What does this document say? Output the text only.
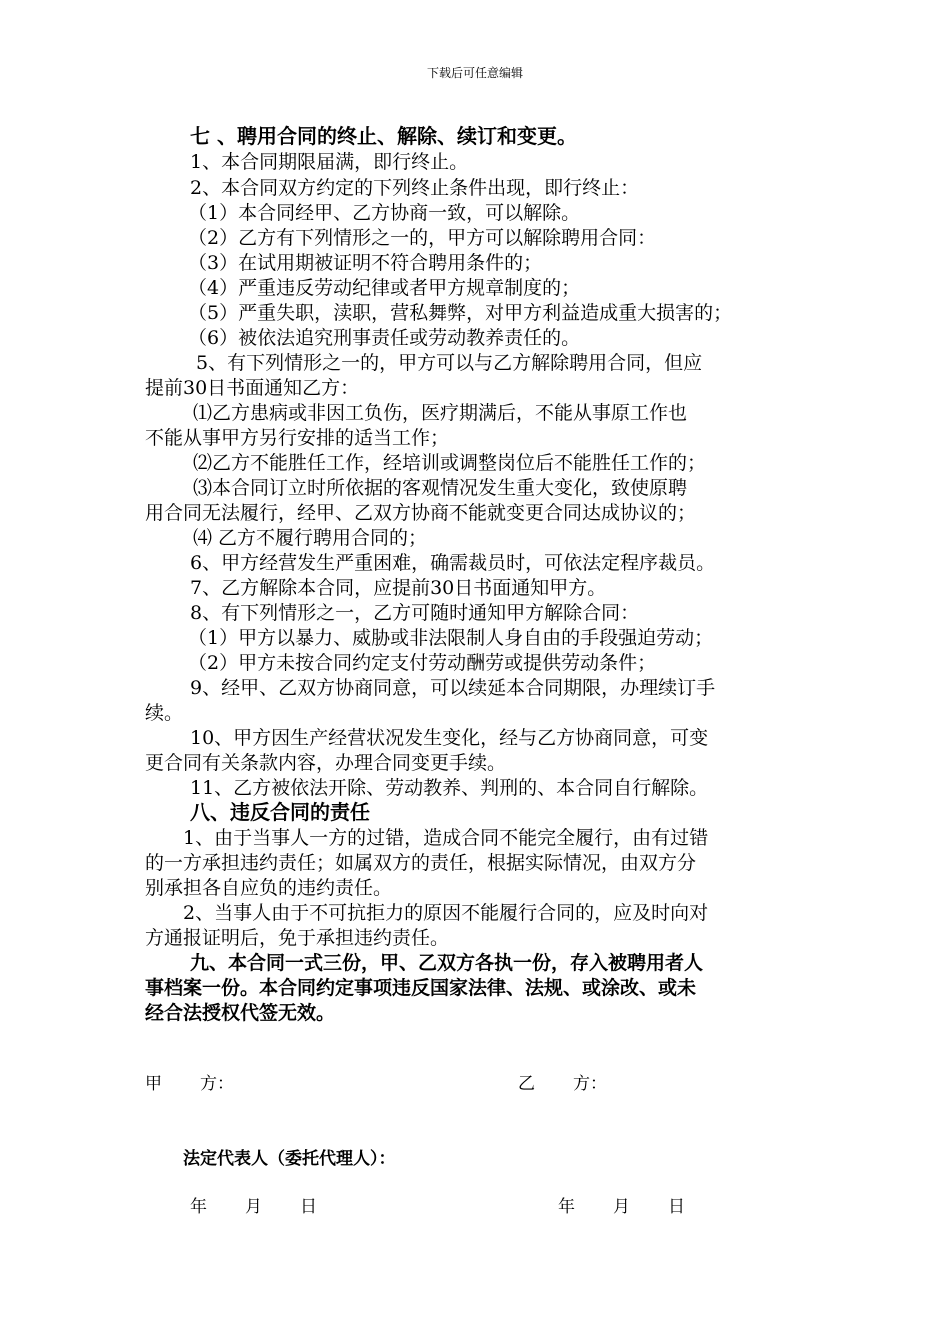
下载后可任意编辑
七 、聘用合同的终止、解除、续订和变更。
1、本合同期限届满，即行终止。
2、本合同双方约定的下列终止条件出现，即行终止：
（1）本合同经甲、乙方协商一致，可以解除。
（2）乙方有下列情形之一的，甲方可以解除聘用合同：
（3）在试用期被证明不符合聘用条件的；
（4）严重违反劳动纪律或者甲方规章制度的；
（5）严重失职，渎职，营私舞弊，对甲方利益造成重大损害的；
（6）被依法追究刑事责任或劳动教养责任的。
5、有下列情形之一的，甲方可以与乙方解除聘用合同，但应
提前30日书面通知乙方：
⑴乙方患病或非因工负伤，医疗期满后，不能从事原工作也
不能从事甲方另行安排的适当工作；
⑵乙方不能胜任工作，经培训或调整岗位后不能胜任工作的；
⑶本合同订立时所依据的客观情况发生重大变化，致使原聘
用合同无法履行，经甲、乙双方协商不能就变更合同达成协议的；
⑷ 乙方不履行聘用合同的；
6、甲方经营发生严重困难，确需裁员时，可依法定程序裁员。
7、乙方解除本合同，应提前30日书面通知甲方。
8、有下列情形之一，乙方可随时通知甲方解除合同：
（1）甲方以暴力、威胁或非法限制人身自由的手段强迫劳动；
（2）甲方未按合同约定支付劳动酬劳或提供劳动条件；
9、经甲、乙双方协商同意，可以续延本合同期限，办理续订手
续。
10、甲方因生产经营状况发生变化，经与乙方协商同意，可变
更合同有关条款内容，办理合同变更手续。
11、乙方被依法开除、劳动教养、判刑的、本合同自行解除。
八、违反合同的责任
1、由于当事人一方的过错，造成合同不能完全履行，由有过错
的一方承担违约责任；如属双方的责任，根据实际情况，由双方分
别承担各自应负的违约责任。
2、当事人由于不可抗拒力的原因不能履行合同的，应及时向对
方通报证明后，免于承担违约责任。
九、本合同一式三份，甲、乙双方各执一份，存入被聘用者人
事档案一份。本合同约定事项违反国家法律、法规、或涂改、或未
经合法授权代签无效。
甲 方：	乙 方：
法定代表人（委托代理人）：
年 月 日	年 月 日
